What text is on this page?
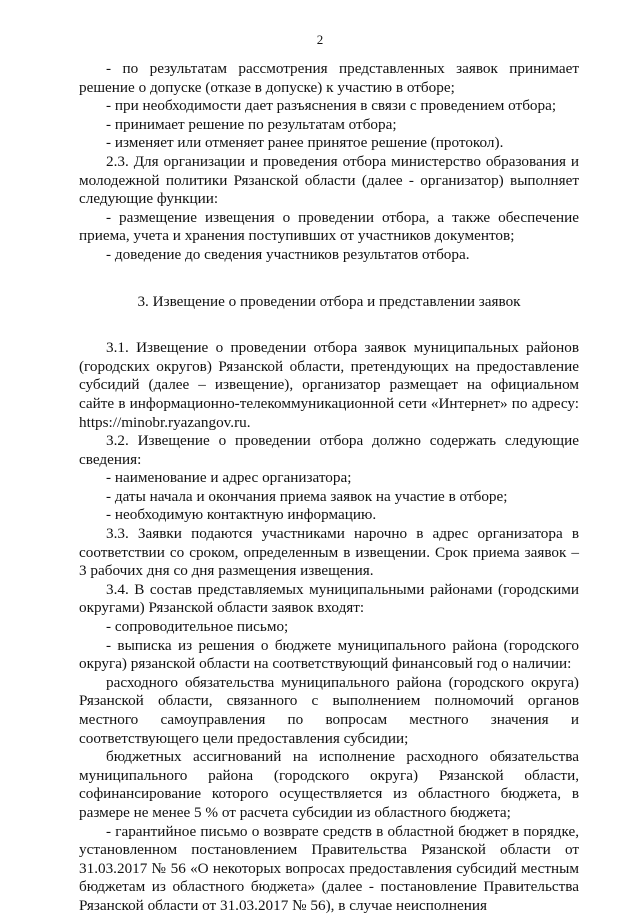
2

- по результатам рассмотрения представленных заявок принимает решение о допуске (отказе в допуске) к участию в отборе;

- при необходимости дает разъяснения в связи с проведением отбора;

- принимает решение по результатам отбора;

- изменяет или отменяет ранее принятое решение (протокол).

2.3. Для организации и проведения отбора министерство образования и молодежной политики Рязанской области (далее - организатор) выполняет следующие функции:

- размещение извещения о проведении отбора, а также обеспечение приема, учета и хранения поступивших от участников документов;

- доведение до сведения участников результатов отбора.

3. Извещение о проведении отбора и представлении заявок

3.1. Извещение о проведении отбора заявок муниципальных районов (городских округов) Рязанской области, претендующих на предоставление субсидий (далее – извещение), организатор размещает на официальном сайте в информационно-телекоммуникационной сети «Интернет» по адресу: https://minobr.ryazangov.ru.

3.2. Извещение о проведении отбора должно содержать следующие сведения:

- наименование и адрес организатора;

- даты начала и окончания приема заявок на участие в отборе;

- необходимую контактную информацию.

3.3. Заявки подаются участниками нарочно в адрес организатора в соответствии со сроком, определенным в извещении. Срок приема заявок – 3 рабочих дня со дня размещения извещения.

3.4. В состав представляемых муниципальными районами (городскими округами) Рязанской области заявок входят:

- сопроводительное письмо;

- выписка из решения о бюджете муниципального района (городского округа) рязанской области на соответствующий финансовый год о наличии:

расходного обязательства муниципального района (городского округа) Рязанской области, связанного с выполнением полномочий органов местного самоуправления по вопросам местного значения и соответствующего цели предоставления субсидии;

бюджетных ассигнований на исполнение расходного обязательства муниципального района (городского округа) Рязанской области, софинансирование которого осуществляется из областного бюджета, в размере не менее 5 % от расчета субсидии из областного бюджета;

- гарантийное письмо о возврате средств в областной бюджет в порядке, установленном постановлением Правительства Рязанской области от 31.03.2017 № 56 «О некоторых вопросах предоставления субсидий местным бюджетам из областного бюджета» (далее - постановление Правительства Рязанской области от 31.03.2017 № 56), в случае неисполнения
